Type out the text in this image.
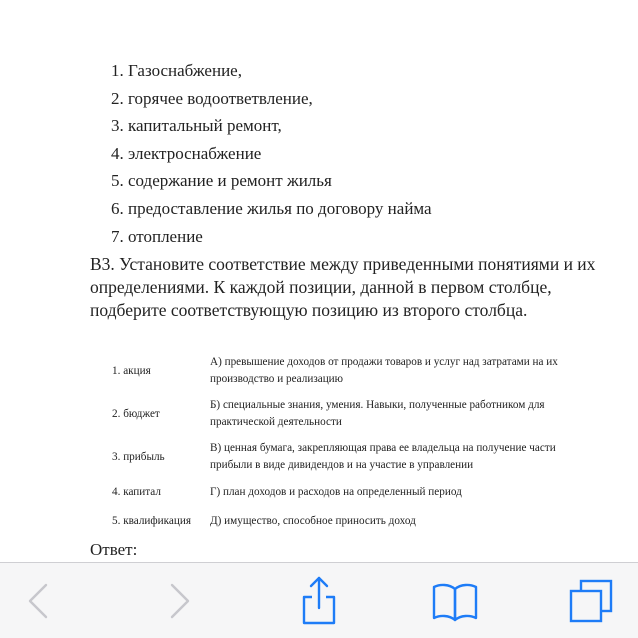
1. Газоснабжение,
2. горячее водоответвление,
3. капитальный ремонт,
4. электроснабжение
5. содержание и ремонт жилья
6. предоставление жилья по договору найма
7. отопление
В3. Установите соответствие между приведенными понятиями и их определениями. К каждой позиции, данной в первом столбце, подберите соответствующую позицию из второго столбца.
1. акция	А) превышение доходов от продажи товаров и услуг над затратами на их производство и реализацию
2. бюджет	Б) специальные знания, умения. Навыки, полученные работником для практической деятельности
3. прибыль	В) ценная бумага, закрепляющая права ее владельца на получение части прибыли в виде дивидендов и на участие в управлении
4. капитал	Г) план доходов и расходов на определенный период
5. квалификация	Д) имущество, способное приносить доход
Ответ:
